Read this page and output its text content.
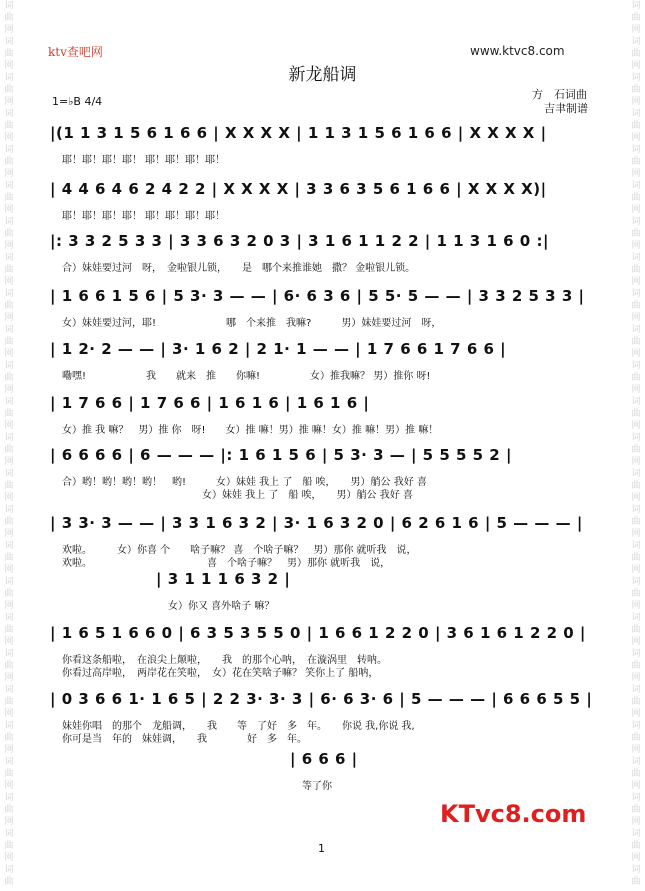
词
曲
网
词
曲
网
词
曲
网
词
曲
网
词
曲
网
词
曲
网
词
曲
网
词
曲
网
词
曲
网
词
曲
网
词
曲
网
词
曲
网
词
曲
网
词
曲
网
词
曲
网
词
曲
网
词
曲
网
词
曲
网
词
曲
网
词
曲
网
词
曲
网
词
曲
网
词
曲
网
词
曲
网
词
曲
词
曲
网
词
曲
网
词
曲
网
词
曲
网
词
曲
网
词
曲
网
词
曲
网
词
曲
网
词
曲
网
词
曲
网
词
曲
网
词
曲
网
词
曲
网
词
曲
网
词
曲
网
词
曲
网
词
曲
网
词
曲
网
词
曲
网
词
曲
网
词
曲
网
词
曲
网
词
曲
网
词
曲
网
词
曲
ktv查吧网	www.ktvc8.com
新龙船调
1=♭B 4/4
方　石词曲
吉聿制谱
|(1 1 3 1 5 6 1 6 6 | X X X X | 1 1 3 1 5 6 1 6 6 | X X X X |
耶！耶！耶！耶！ 耶！耶！耶！耶！
| 4 4 6 4 6 2 4 2 2 | X X X X | 3 3 6 3 5 6 1 6 6 | X X X X)|
耶！耶！耶！耶！ 耶！耶！耶！耶！
|: 3 3 2 5 3 3 | 3 3 6 3 2 0 3 | 3 1 6 1 1 2 2 | 1 1 3 1 6 0 :|
合）妹娃要过河　呀，　金啦银儿锁，　　是　哪个来推谁她　撒？ 金啦银儿锁。
| 1 6 6 1 5 6 | 5 3· 3 — — | 6· 6 3 6 | 5 5· 5 — — | 3 3 2 5 3 3 |
女）妹娃要过河，耶!　　　　　　　哪　个来推　我嘛?　　　男）妹娃要过河　呀，
| 1 2· 2 — — | 3· 1 6 2 | 2 1· 1 — — | 1 7 6 6 1 7 6 6 |
嘞嘿!　　　　　　我　　就来　推　　你嘛!　　　　　女）推我嘛？ 男）推你 呀!
| 1 7 6 6 | 1 7 6 6 | 1 6 1 6 | 1 6 1 6 |
女）推 我 嘛？　男）推 你　呀!　　女）推 嘛！男）推 嘛！女）推 嘛！男）推 嘛！
| 6 6 6 6 | 6 — — — |: 1 6 1 5 6 | 5 3· 3 — | 5 5 5 5 2 |
合）哟！哟！哟！哟！　哟!　　　女）妹娃 我上 了　船 唉，　　男）艄公 我好 喜
　　　　　　　　　　　　　　女）妹娃 我上 了　船 唉，　　男）艄公 我好 喜
| 3 3· 3 — — | 3 3 1 6 3 2 | 3· 1 6 3 2 0 | 6 2 6 1 6 | 5 — — — |
欢啦。　　　女）你喜 个　　啥子嘛？ 喜　个啥子嘛？　男）那你 就听我　说，
欢啦。　　　　　　　　　　　　喜　个啥子嘛？　男）那你 就听我　说，
| 3 1 1 1 6 3 2 |
女）你又 喜外啥子 嘛？
| 1 6 5 1 6 6 0 | 6 3 5 3 5 5 0 | 1 6 6 1 2 2 0 | 3 6 1 6 1 2 2 0 |
你看这条船啦，　在浪尖上颠啦，　　我　的那个心呐，　在漩涡里　转呐。
你看过高岸啦，　两岸花在笑啦，　女）花在笑啥子嘛？ 笑你上了 船呐，
| 0 3 6 6 1· 1 6 5 | 2 2 3· 3· 3 | 6· 6 3· 6 | 5 — — — | 6 6 6 5 5 |
妹娃你唱　的那个　龙船调，　　我　　等　了好　多　年。　　你说 我,你说 我,
你可是当　年的　妹娃调，　　我　　　　好　多　年。
| 6 6 6 |
等了你
1
KTvc8.com
